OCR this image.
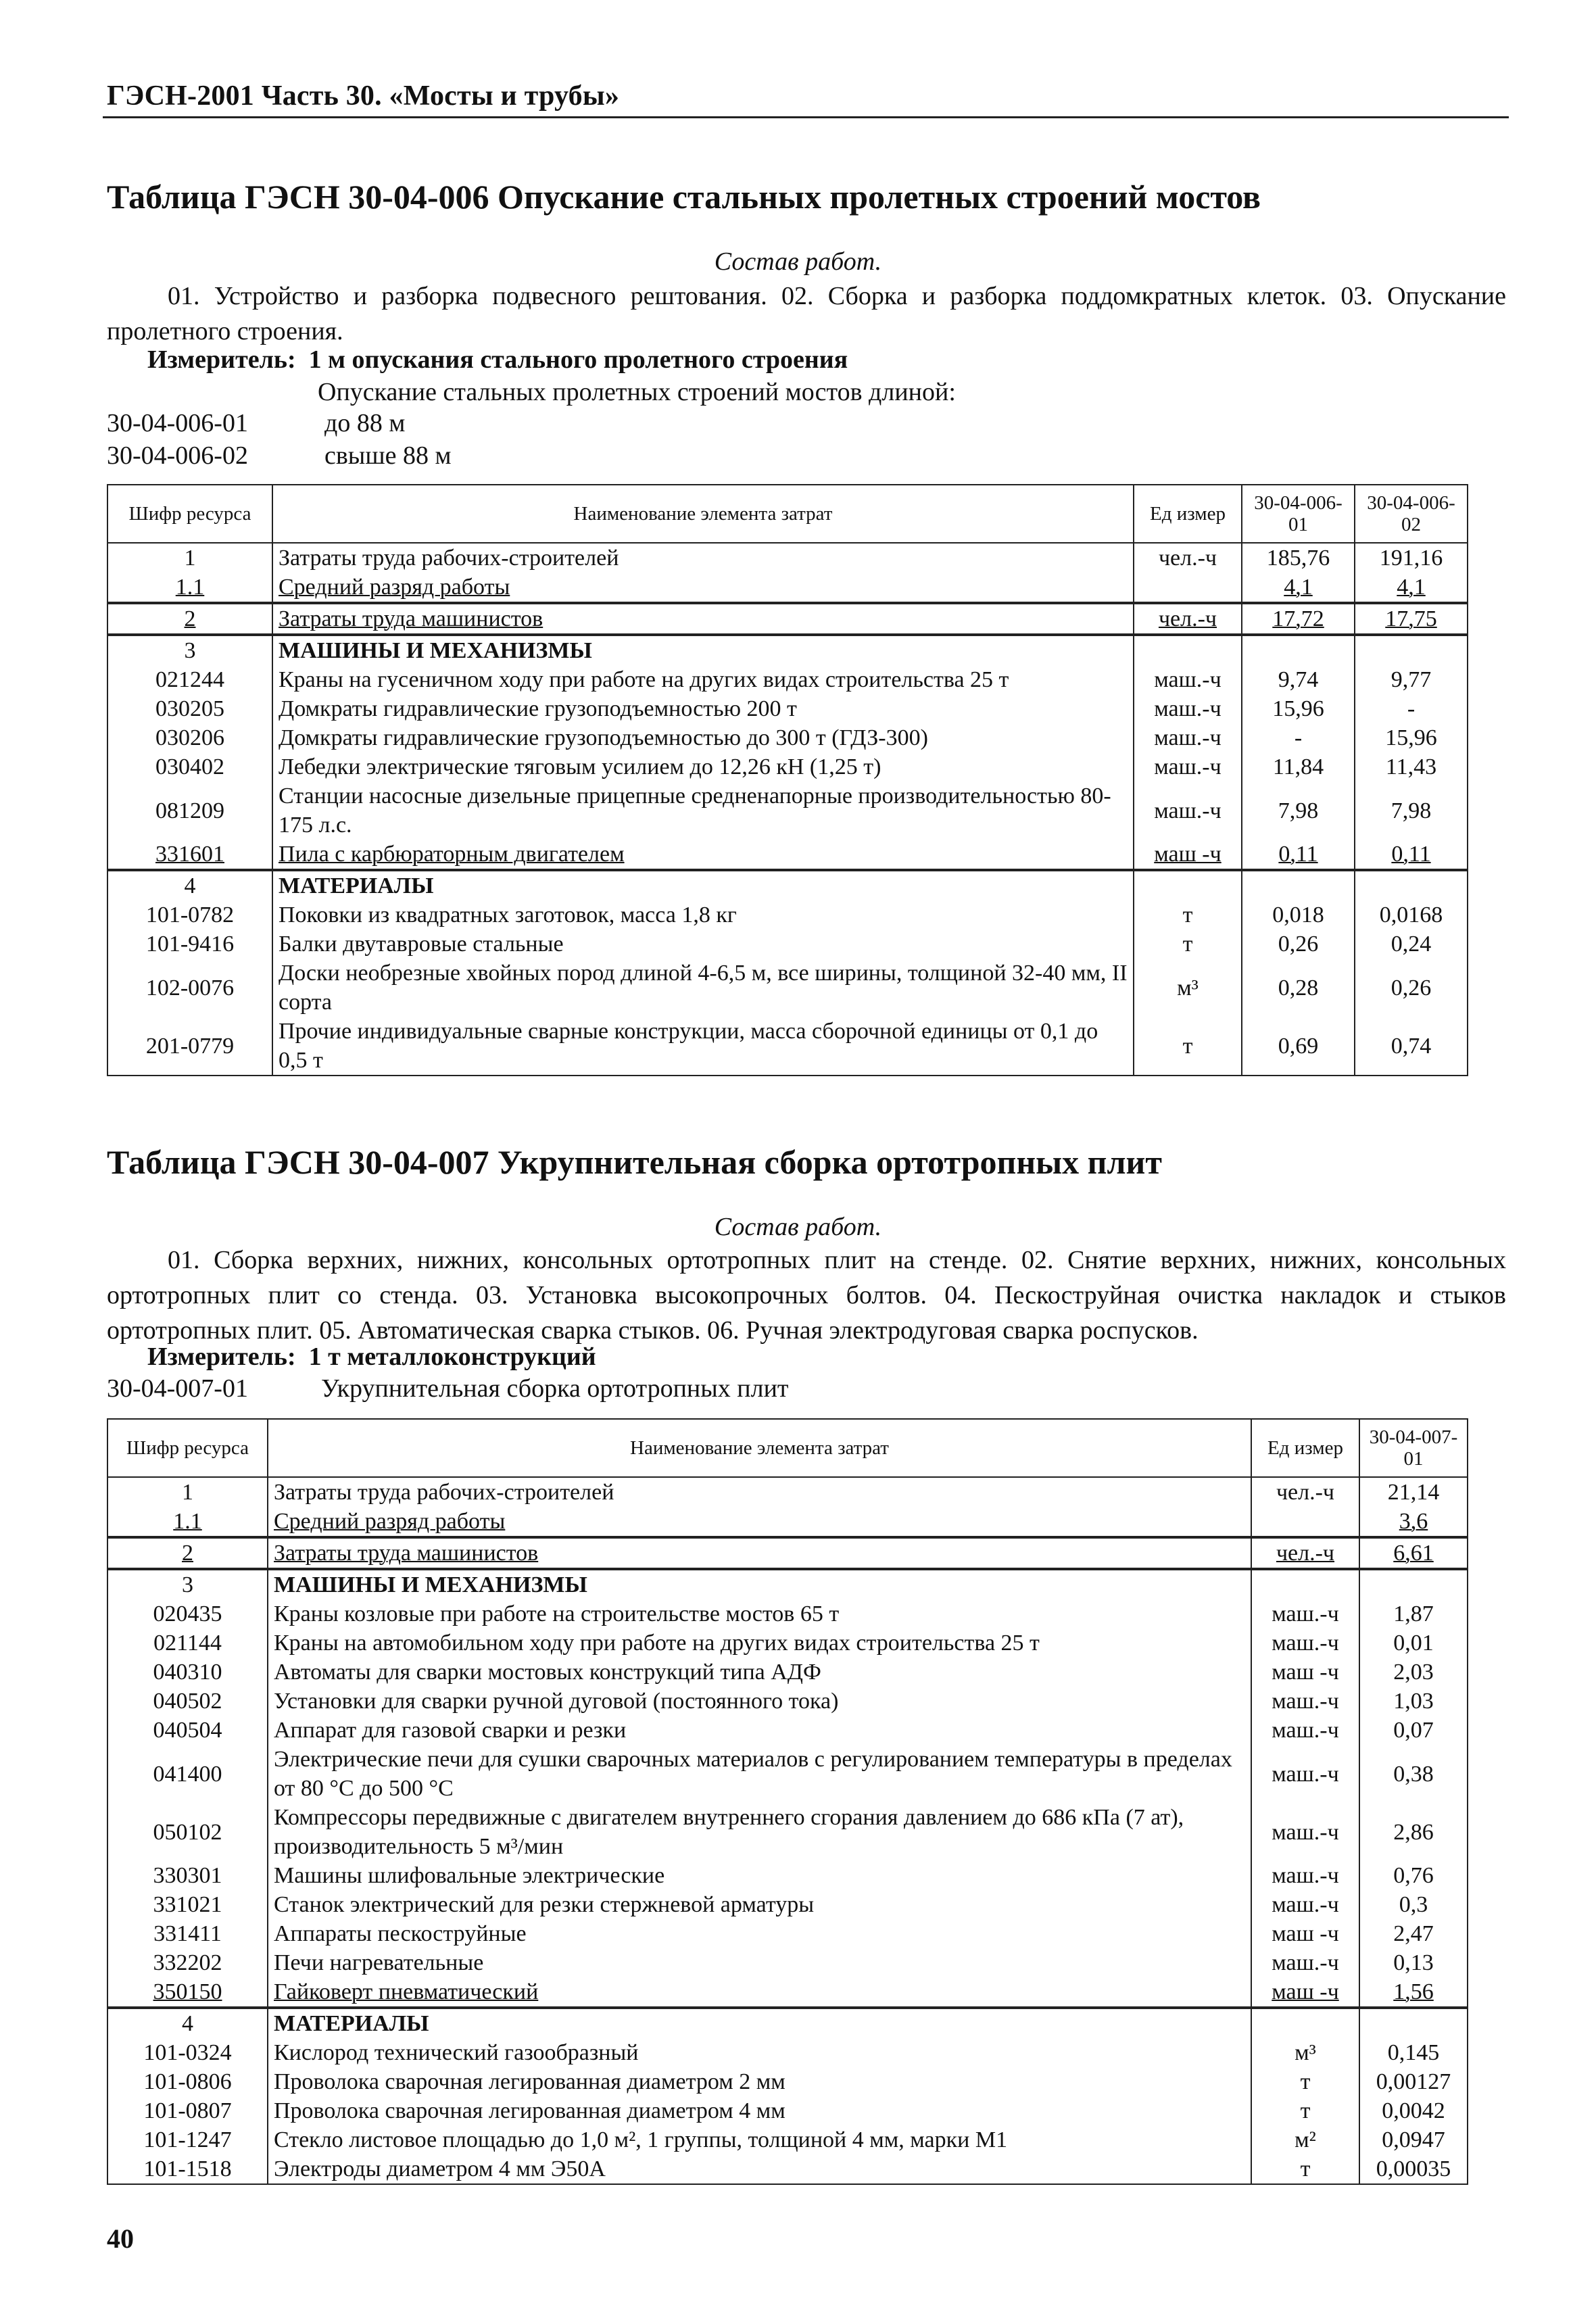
ГЭСН-2001 Часть 30. «Мосты и трубы»
Таблица ГЭСН 30-04-006 Опускание стальных пролетных строений мостов
Состав работ.
01. Устройство и разборка подвесного рештования. 02. Сборка и разборка поддомкратных клеток. 03. Опускание пролетного строения.
Измеритель: 1 м опускания стального пролетного строения
Опускание стальных пролетных строений мостов длиной:
30-04-006-01	до 88 м
30-04-006-02	свыше 88 м
Шифр ресурса	Наименование элемента затрат	Ед измер	30-04-006-01	30-04-006-02
1	Затраты труда рабочих-строителей	чел.-ч	185,76	191,16
1.1	Средний разряд работы		4,1	4,1
2	Затраты труда машинистов	чел.-ч	17,72	17,75
3	МАШИНЫ И МЕХАНИЗМЫ			
021244	Краны на гусеничном ходу при работе на других видах строительства 25 т	маш.-ч	9,74	9,77
030205	Домкраты гидравлические грузоподъемностью 200 т	маш.-ч	15,96	-
030206	Домкраты гидравлические грузоподъемностью до 300 т (ГДЗ-300)	маш.-ч	-	15,96
030402	Лебедки электрические тяговым усилием до 12,26 кН (1,25 т)	маш.-ч	11,84	11,43
081209	Станции насосные дизельные прицепные средненапорные производительностью 80-175 л.с.	маш.-ч	7,98	7,98
331601	Пила с карбюраторным двигателем	маш -ч	0,11	0,11
4	МАТЕРИАЛЫ			
101-0782	Поковки из квадратных заготовок, масса 1,8 кг	т	0,018	0,0168
101-9416	Балки двутавровые стальные	т	0,26	0,24
102-0076	Доски необрезные хвойных пород длиной 4-6,5 м, все ширины, толщиной 32-40 мм, II сорта	м³	0,28	0,26
201-0779	Прочие индивидуальные сварные конструкции, масса сборочной единицы от 0,1 до 0,5 т	т	0,69	0,74
Таблица ГЭСН 30-04-007 Укрупнительная сборка ортотропных плит
Состав работ.
01. Сборка верхних, нижних, консольных ортотропных плит на стенде. 02. Снятие верхних, нижних, консольных ортотропных плит со стенда. 03. Установка высокопрочных болтов. 04. Пескоструйная очистка накладок и стыков ортотропных плит. 05. Автоматическая сварка стыков. 06. Ручная электродуговая сварка роспусков.
Измеритель: 1 т металлоконструкций
30-04-007-01	Укрупнительная сборка ортотропных плит
Шифр ресурса	Наименование элемента затрат	Ед измер	30-04-007-01
1	Затраты труда рабочих-строителей	чел.-ч	21,14
1.1	Средний разряд работы		3,6
2	Затраты труда машинистов	чел.-ч	6,61
3	МАШИНЫ И МЕХАНИЗМЫ		
020435	Краны козловые при работе на строительстве мостов 65 т	маш.-ч	1,87
021144	Краны на автомобильном ходу при работе на других видах строительства 25 т	маш.-ч	0,01
040310	Автоматы для сварки мостовых конструкций типа АДФ	маш -ч	2,03
040502	Установки для сварки ручной дуговой (постоянного тока)	маш.-ч	1,03
040504	Аппарат для газовой сварки и резки	маш.-ч	0,07
041400	Электрические печи для сушки сварочных материалов с регулированием температуры в пределах от 80 °С до 500 °С	маш.-ч	0,38
050102	Компрессоры передвижные с двигателем внутреннего сгорания давлением до 686 кПа (7 ат), производительность 5 м³/мин	маш.-ч	2,86
330301	Машины шлифовальные электрические	маш.-ч	0,76
331021	Станок электрический для резки стержневой арматуры	маш.-ч	0,3
331411	Аппараты пескоструйные	маш -ч	2,47
332202	Печи нагревательные	маш.-ч	0,13
350150	Гайковерт пневматический	маш -ч	1,56
4	МАТЕРИАЛЫ		
101-0324	Кислород технический газообразный	м³	0,145
101-0806	Проволока сварочная легированная диаметром 2 мм	т	0,00127
101-0807	Проволока сварочная легированная диаметром 4 мм	т	0,0042
101-1247	Стекло листовое площадью до 1,0 м², 1 группы, толщиной 4 мм, марки М1	м²	0,0947
101-1518	Электроды диаметром 4 мм Э50А	т	0,00035
40
